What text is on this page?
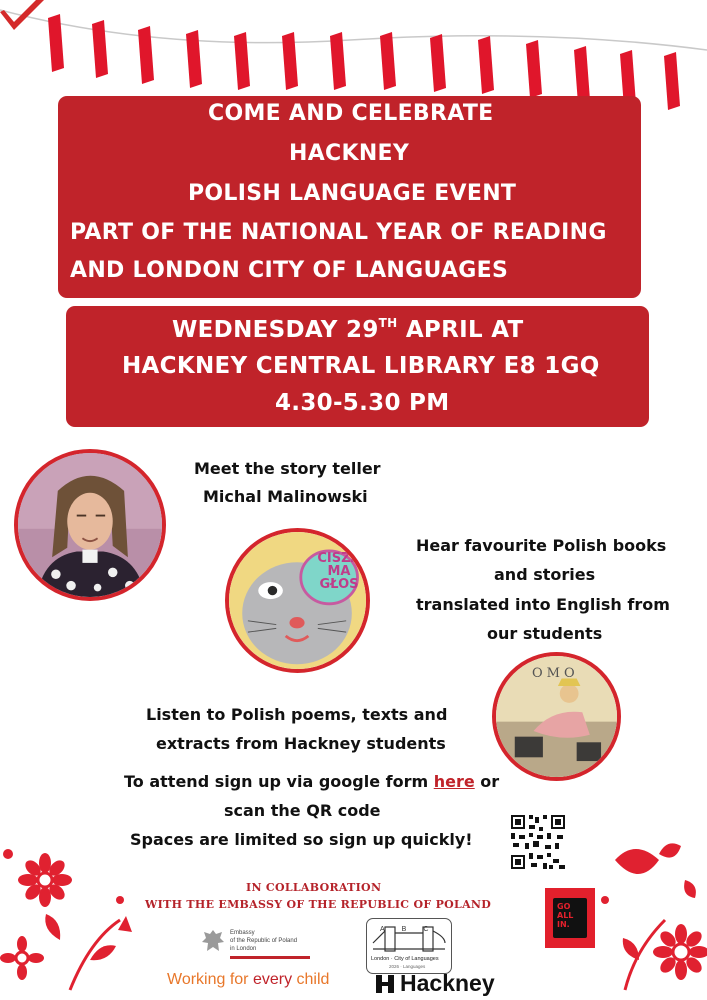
COME AND CELEBRATE
HACKNEY
POLISH LANGUAGE EVENT
PART OF THE NATIONAL YEAR OF READING
AND LONDON CITY OF LANGUAGES
WEDNESDAY 29TH APRIL AT
HACKNEY CENTRAL LIBRARY E8 1GQ
4.30-5.30 PM
Meet the story teller
Michal Malinowski
CISZA
MA
GŁOS
Hear favourite Polish books
and stories
translated into English from
our students
OMO
Listen to Polish poems, texts and
extracts from Hackney students
To attend sign up via google form here or
scan the QR code
Spaces are limited so sign up quickly!
IN COLLABORATION
WITH THE EMBASSY OF THE REPUBLIC OF POLAND
Embassy
of the Republic of Poland
in London
ABC
London · City of Languages
2026 · Languages
GO ALL IN.
Working for every child	Hackney
